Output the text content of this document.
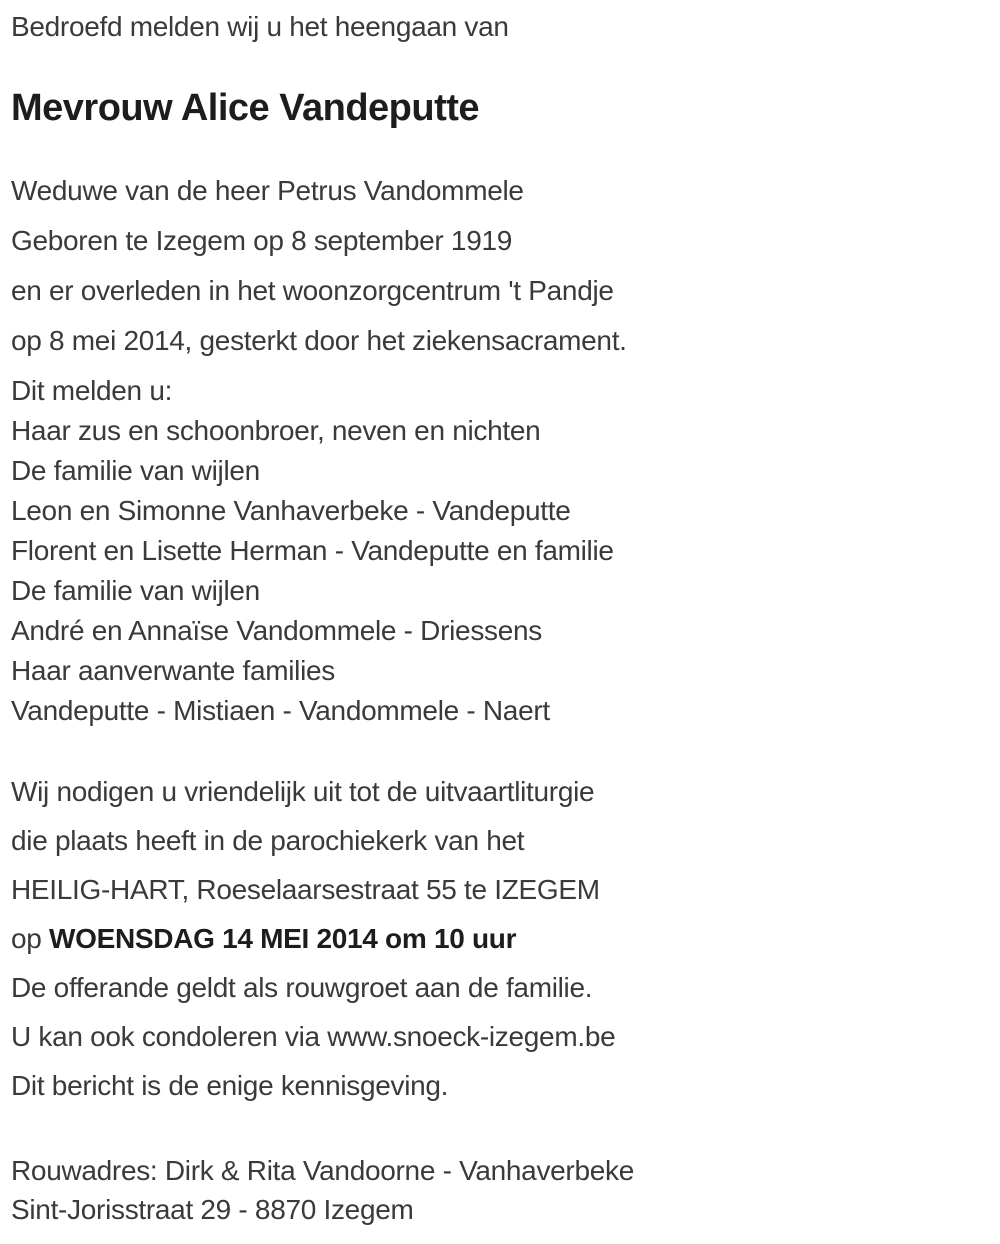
Bedroefd melden wij u het heengaan van
Mevrouw Alice Vandeputte
Weduwe van de heer Petrus Vandommele
Geboren te Izegem op 8 september 1919
en er overleden in het woonzorgcentrum 't Pandje
op 8 mei 2014, gesterkt door het ziekensacrament.
Dit melden u:
Haar zus en schoonbroer, neven en nichten
De familie van wijlen
Leon en Simonne Vanhaverbeke - Vandeputte
Florent en Lisette Herman - Vandeputte en familie
De familie van wijlen
André en Annaïse Vandommele - Driessens
Haar aanverwante families
Vandeputte - Mistiaen - Vandommele - Naert
Wij nodigen u vriendelijk uit tot de uitvaartliturgie
die plaats heeft in de parochiekerk van het
HEILIG-HART, Roeselaarsestraat 55 te IZEGEM
op WOENSDAG 14 MEI 2014 om 10 uur
De offerande geldt als rouwgroet aan de familie.
U kan ook condoleren via www.snoeck-izegem.be
Dit bericht is de enige kennisgeving.
Rouwadres: Dirk & Rita Vandoorne - Vanhaverbeke
Sint-Jorisstraat 29 - 8870 Izegem
